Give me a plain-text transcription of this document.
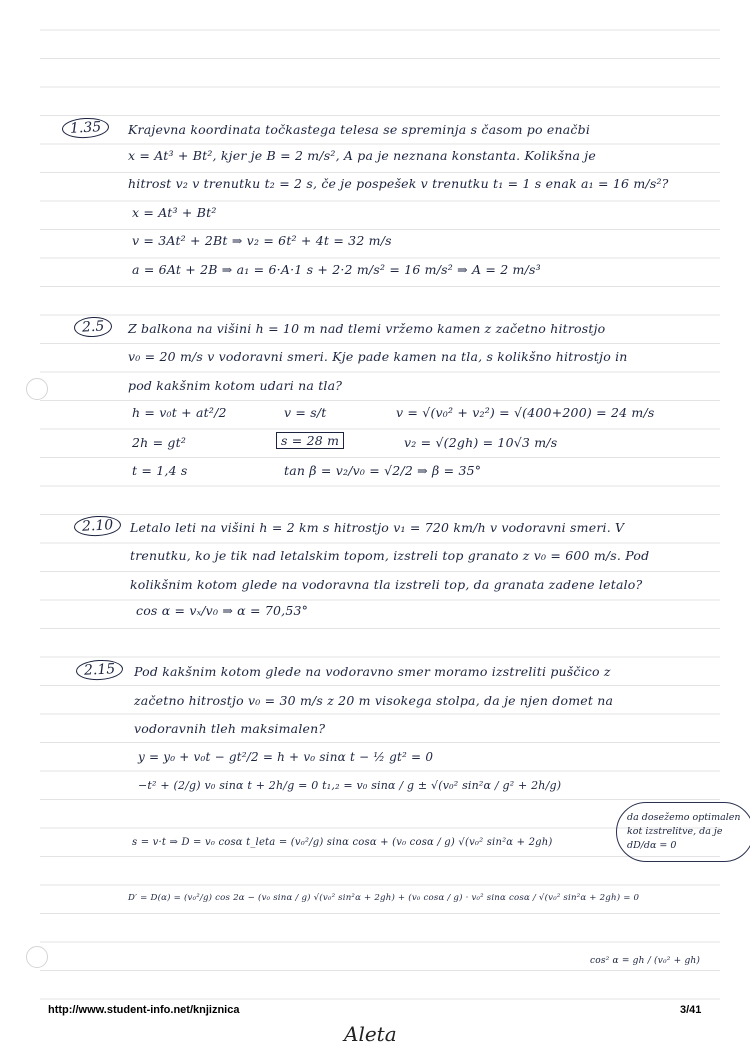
1.35	Krajevna koordinata točkastega telesa se spreminja s časom po enačbi
x = At³ + Bt², kjer je B = 2 m/s², A pa je neznana konstanta. Kolikšna je
hitrost v₂ v trenutku t₂ = 2 s, če je pospešek v trenutku t₁ = 1 s enak a₁ = 16 m/s²?
x = At³ + Bt²
v = 3At² + 2Bt ⇒ v₂ = 6t² + 4t = 32 m/s
a = 6At + 2B ⇒ a₁ = 6·A·1 s + 2·2 m/s² = 16 m/s² ⇒ A = 2 m/s³
2.5	Z balkona na višini h = 10 m nad tlemi vržemo kamen z začetno hitrostjo
v₀ = 20 m/s v vodoravni smeri. Kje pade kamen na tla, s kolikšno hitrostjo in
pod kakšnim kotom udari na tla?
h = v₀t + at²/2	v = s/t	v = √(v₀² + v₂²) = √(400+200) = 24 m/s
2h = gt²	s = 28 m	v₂ = √(2gh) = 10√3 m/s
t = 1,4 s	tan β = v₂/v₀ = √2/2 ⇒ β = 35°
2.10	Letalo leti na višini h = 2 km s hitrostjo v₁ = 720 km/h v vodoravni smeri. V
trenutku, ko je tik nad letalskim topom, izstreli top granato z v₀ = 600 m/s. Pod
kolikšnim kotom glede na vodoravna tla izstreli top, da granata zadene letalo?
cos α = vₓ/v₀ ⇒ α = 70,53°
2.15	Pod kakšnim kotom glede na vodoravno smer moramo izstreliti puščico z
začetno hitrostjo v₀ = 30 m/s z 20 m visokega stolpa, da je njen domet na
vodoravnih tleh maksimalen?
y = y₀ + v₀t − gt²/2 = h + v₀ sinα t − ½ gt² = 0
−t² + (2/g) v₀ sinα t + 2h/g = 0 t₁,₂ = v₀ sinα / g ± √(v₀² sin²α / g² + 2h/g)
s = v·t ⇒ D = v₀ cosα t_leta = (v₀²/g) sinα cosα + (v₀ cosα / g) √(v₀² sin²α + 2gh)
D′ = D(α) = (v₀²/g) cos 2α − (v₀ sinα / g) √(v₀² sin²α + 2gh) + (v₀ cosα / g) · v₀² sinα cosα / √(v₀² sin²α + 2gh) = 0
cos² α = gh / (v₀² + gh)
da dosežemo optimalen
kot izstrelitve, da je
dD/dα = 0
http://www.student-info.net/knjiznica	3/41
Aleta
